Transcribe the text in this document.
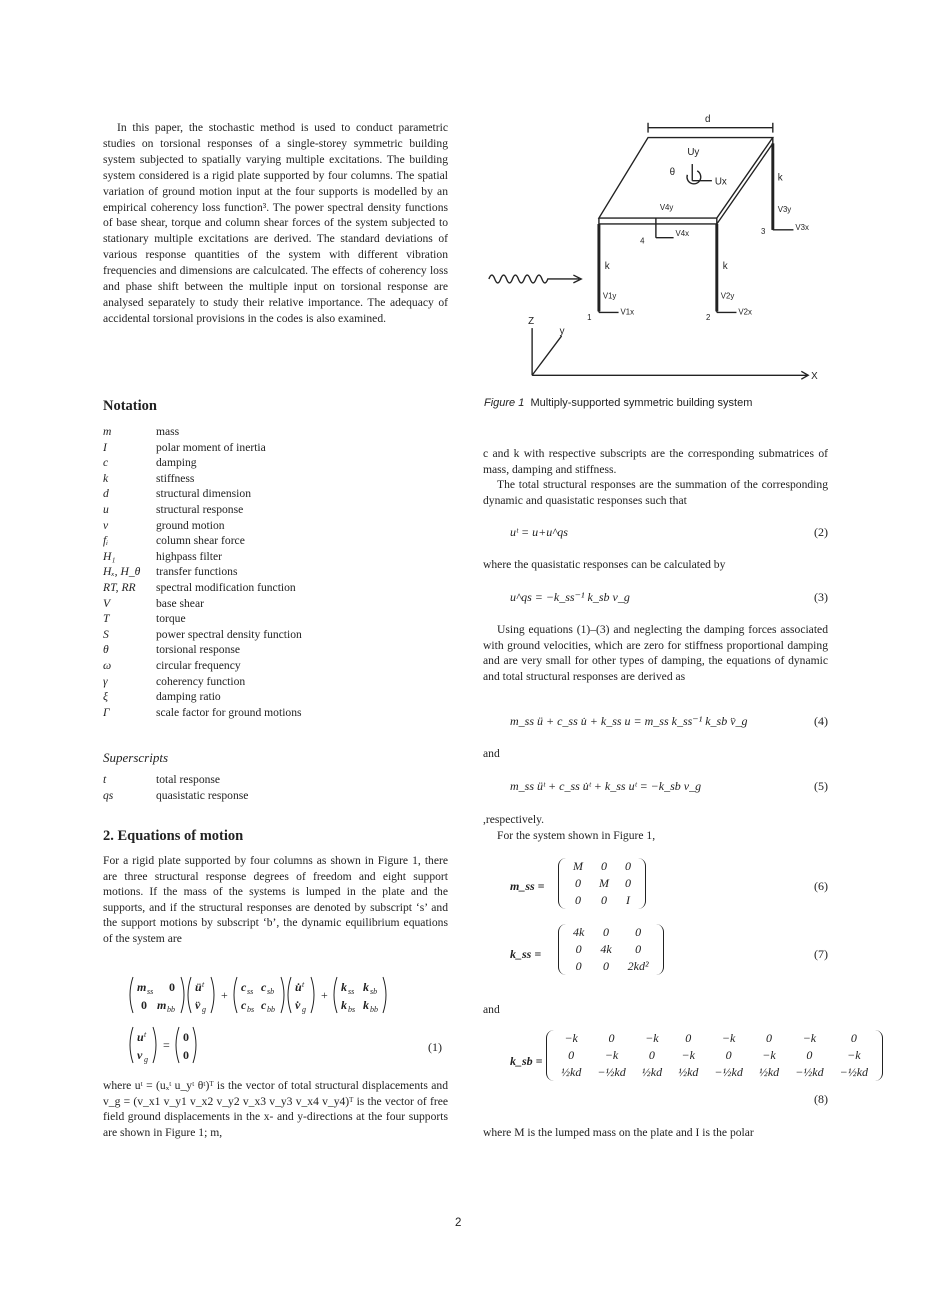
In this paper, the stochastic method is used to conduct parametric studies on torsional responses of a single-storey symmetric building system subjected to spatially varying multiple excitations. The building system considered is a rigid plate supported by four columns. The spatial variation of ground motion input at the four supports is modelled by an empirical coherency loss function³. The power spectral density functions of base shear, torque and column shear forces of the system subjected to stationary multiple excitations are derived. The standard deviations of various response quantities of the system with different vibration frequencies and dimensions are calculcated. The effects of coherency loss and phase shift between the multiple input on torsional response are analysed separately to study their relative importance. The adequacy of accidental torsional provisions in the codes is also examined.

Notation
m	mass
I	polar moment of inertia
c	damping
k	stiffness
d	structural dimension
u	structural response
v	ground motion
fᵢ	column shear force
H₁	highpass filter
Hₓ, H_θ	transfer functions
RT, RR	spectral modification function
V	base shear
T	torque
S	power spectral density function
θ	torsional response
ω	circular frequency
γ	coherency function
ξ	damping ratio
Γ	scale factor for ground motions
Superscripts
t	total response
qs	quasistatic response
2. Equations of motion

For a rigid plate supported by four columns as shown in Figure 1, there are three structural response degrees of freedom and eight support motions. If the mass of the systems is lumped in the plate and the supports, and if the structural responses are denoted by subscript ‘s’ and the support motions by subscript ‘b’, the dynamic equilibrium equations of the system are

m ss 0
0 m bb
ü t
v̈ g
+
c ss c sb
c bs c bb
u̇ t
v̇ g
+
k ss k sb
k bs k bb
u t
v g
=
0
0
(1)

where uᵗ = (uₓᵗ u_yᵗ θᵗ)ᵀ is the vector of total structural displacements and v_g = (v_x1 v_y1 v_x2 v_y2 v_x3 v_y3 v_x4 v_y4)ᵀ is the vector of free field ground displacements in the x- and y-directions at the four supports are shown in Figure 1; m,

d
Uy
θ
Ux	k
k	k
V4y
V4x
4
V3y
V3x
3
V1y
V1x
1
V2y
V2x
2
Z
y
X
Figure 1 Multiply-supported symmetric building system

c and k with respective subscripts are the corresponding submatrices of mass, damping and stiffness.

The total structural responses are the summation of the corresponding dynamic and quasistatic responses such that

uᵗ = u+u^qs	(2)

where the quasistatic responses can be calculated by

u^qs = −k_ss⁻¹ k_sb v_g	(3)

Using equations (1)–(3) and neglecting the damping forces associated with ground velocities, which are zero for stiffness proportional damping and are very small for other types of damping, the equations of dynamic and total structural responses are derived as

m_ss ü + c_ss u̇ + k_ss u = m_ss k_ss⁻¹ k_sb v̈_g	(4)
and
m_ss üᵗ + c_ss u̇ᵗ + k_ss uᵗ = −k_sb v_g	(5)

,respectively.

For the system shown in Figure 1,

m_ss =
M	0	0
0	M	0
0	0	I
(6)
k_ss =
4k	0	0
0	4k	0
0	0	2kd²
(7)
and
k_sb =
−k	0	−k	0	−k	0	−k	0
0	−k	0	−k	0	−k	0	−k
½kd	−½kd	½kd	½kd	−½kd	½kd	−½kd	−½kd
(8)

where M is the lumped mass on the plate and I is the polar

2
